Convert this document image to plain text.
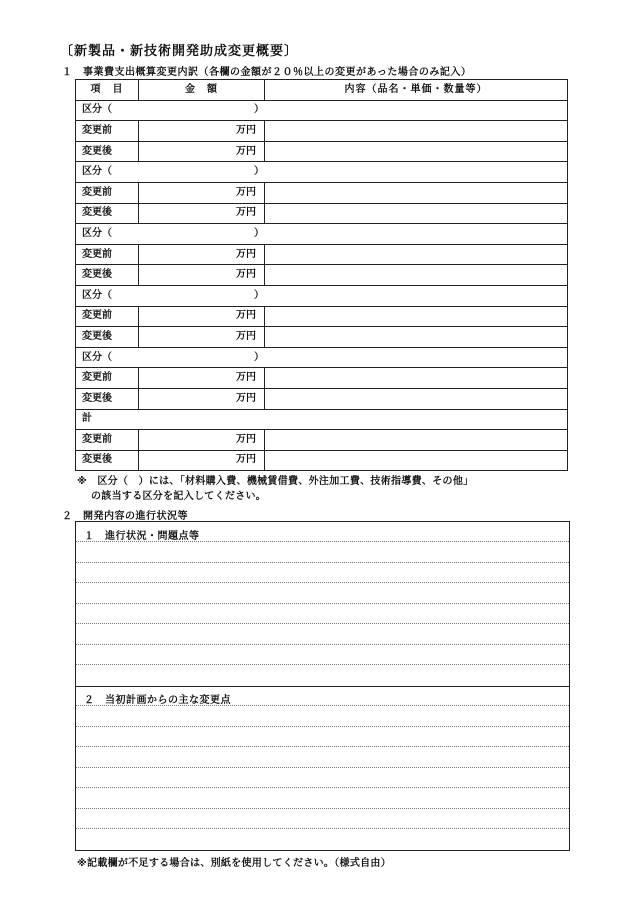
〔新製品・新技術開発助成変更概要〕
１　事業費支出概算変更内訳（各欄の金額が２０％以上の変更があった場合のみ記入）
項　目	金　額	内容（品名・単価・数量等）

区分（ ）		

変更前	万円	
変更後	万円	

区分（ ）		

変更前	万円	
変更後	万円	

区分（ ）		

変更前	万円	
変更後	万円	

区分（ ）		

変更前	万円	
変更後	万円	

区分（ ）		

変更前	万円	
変更後	万円	
計		
変更前	万円	
変更後	万円	
※　区分（　）には、「材料購入費、機械賃借費、外注加工費、技術指導費、その他」
の該当する区分を記入してください。
２　開発内容の進行状況等
１　進行状況・問題点等
２　当初計画からの主な変更点
※記載欄が不足する場合は、別紙を使用してください。（様式自由）
